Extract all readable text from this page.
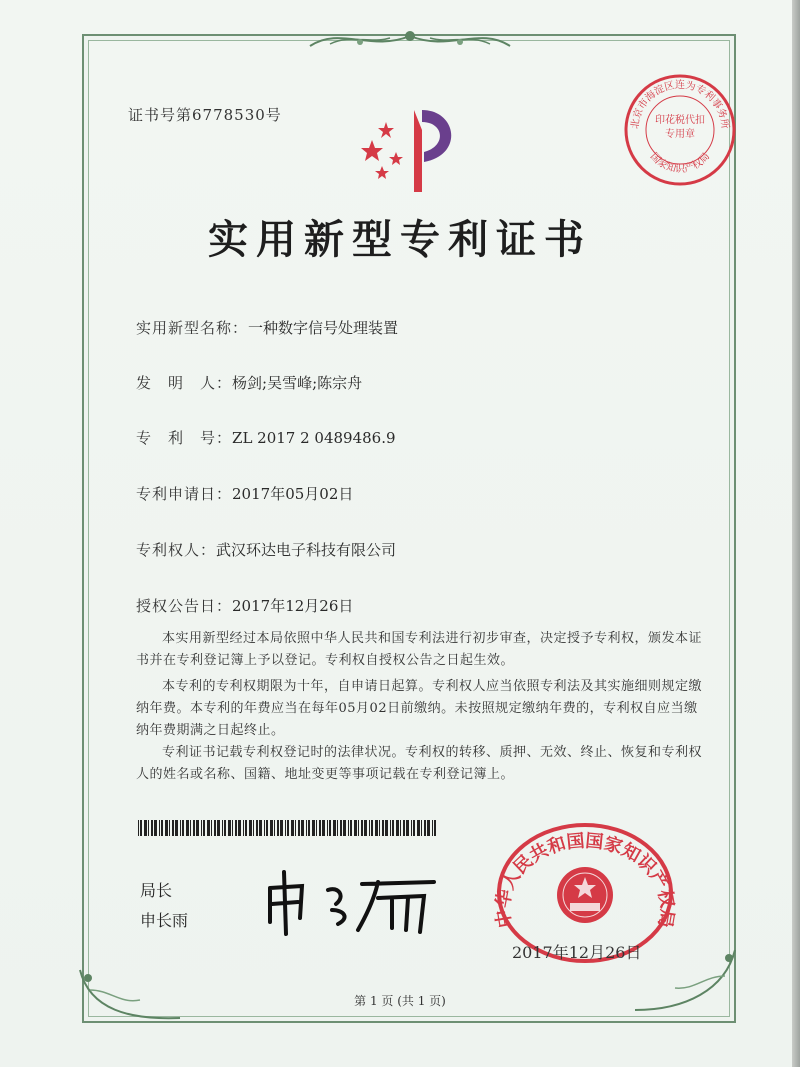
证书号第6778530号	北京市海淀区连为专利事务所
国家知识产权局
印花税代扣专用章
实用新型专利证书
实用新型名称：一种数字信号处理装置
发　明　人：杨剑;吴雪峰;陈宗舟
专　利　号：ZL 2017 2 0489486.9
专利申请日：2017年05月02日
专利权人：武汉环达电子科技有限公司
授权公告日：2017年12月26日
本实用新型经过本局依照中华人民共和国专利法进行初步审查，决定授予专利权，颁发本证书并在专利登记簿上予以登记。专利权自授权公告之日起生效。
本专利的专利权期限为十年，自申请日起算。专利权人应当依照专利法及其实施细则规定缴纳年费。本专利的年费应当在每年05月02日前缴纳。未按照规定缴纳年费的，专利权自应当缴纳年费期满之日起终止。
专利证书记载专利权登记时的法律状况。专利权的转移、质押、无效、终止、恢复和专利权人的姓名或名称、国籍、地址变更等事项记载在专利登记簿上。
局长
申长雨	中华人民共和国国家知识产权局
2017年12月26日
第 1 页 (共 1 页)
